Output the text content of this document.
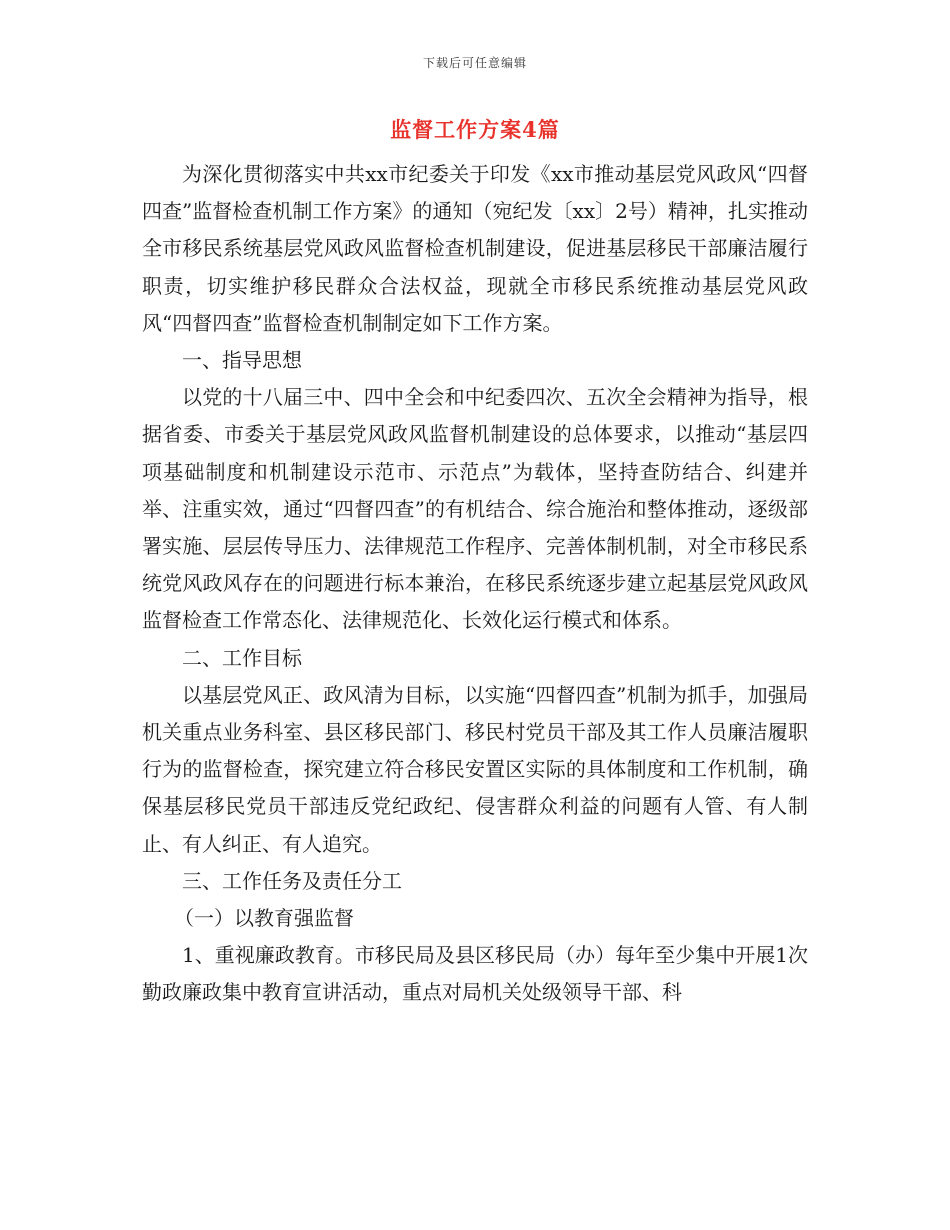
下载后可任意编辑
监督工作方案4篇

为深化贯彻落实中共xx市纪委关于印发《xx市推动基层党风政风“四督四查”监督检查机制工作方案》的通知（宛纪发〔xx〕2号）精神，扎实推动全市移民系统基层党风政风监督检查机制建设，促进基层移民干部廉洁履行职责，切实维护移民群众合法权益，现就全市移民系统推动基层党风政风“四督四查”监督检查机制制定如下工作方案。

一、指导思想

以党的十八届三中、四中全会和中纪委四次、五次全会精神为指导，根据省委、市委关于基层党风政风监督机制建设的总体要求，以推动“基层四项基础制度和机制建设示范市、示范点”为载体，坚持查防结合、纠建并举、注重实效，通过“四督四查”的有机结合、综合施治和整体推动，逐级部署实施、层层传导压力、法律规范工作程序、完善体制机制，对全市移民系统党风政风存在的问题进行标本兼治，在移民系统逐步建立起基层党风政风监督检查工作常态化、法律规范化、长效化运行模式和体系。

二、工作目标

以基层党风正、政风清为目标，以实施“四督四查”机制为抓手，加强局机关重点业务科室、县区移民部门、移民村党员干部及其工作人员廉洁履职行为的监督检查，探究建立符合移民安置区实际的具体制度和工作机制，确保基层移民党员干部违反党纪政纪、侵害群众利益的问题有人管、有人制止、有人纠正、有人追究。

三、工作任务及责任分工

（一）以教育强监督

1、重视廉政教育。市移民局及县区移民局（办）每年至少集中开展1次勤政廉政集中教育宣讲活动，重点对局机关处级领导干部、科
